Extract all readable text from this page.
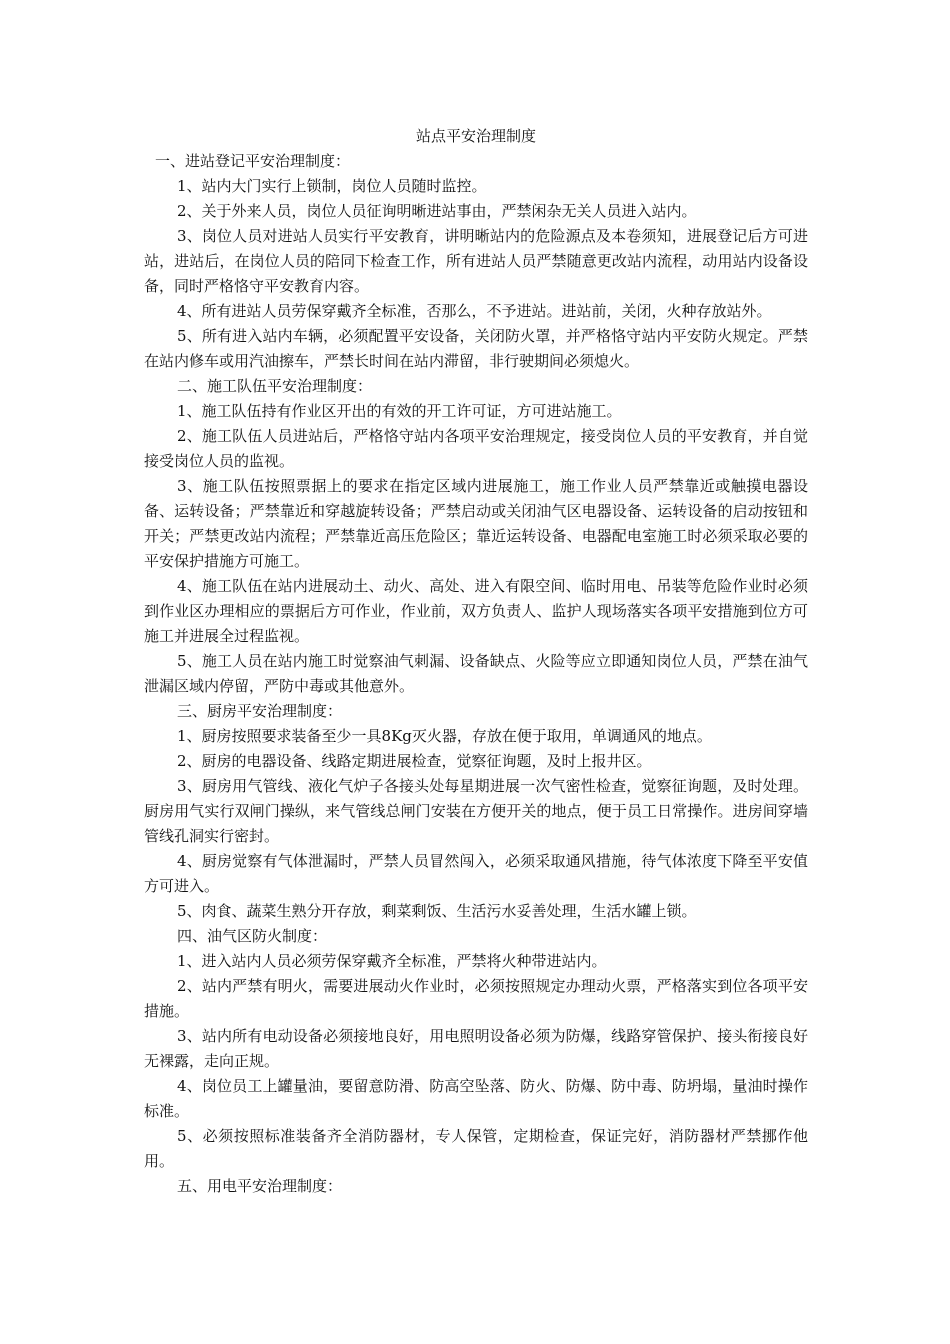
站点平安治理制度
一、进站登记平安治理制度：
1、站内大门实行上锁制，岗位人员随时监控。
2、关于外来人员，岗位人员征询明晰进站事由，严禁闲杂无关人员进入站内。
3、岗位人员对进站人员实行平安教育，讲明晰站内的危险源点及本卷须知，进展登记后方可进站，进站后，在岗位人员的陪同下检查工作，所有进站人员严禁随意更改站内流程，动用站内设备设备，同时严格恪守平安教育内容。
4、所有进站人员劳保穿戴齐全标准，否那么，不予进站。进站前，关闭，火种存放站外。
5、所有进入站内车辆，必须配置平安设备，关闭防火罩，并严格恪守站内平安防火规定。严禁在站内修车或用汽油擦车，严禁长时间在站内滞留，非行驶期间必须熄火。
二、施工队伍平安治理制度：
1、施工队伍持有作业区开出的有效的开工许可证，方可进站施工。
2、施工队伍人员进站后，严格恪守站内各项平安治理规定，接受岗位人员的平安教育，并自觉接受岗位人员的监视。
3、施工队伍按照票据上的要求在指定区域内进展施工，施工作业人员严禁靠近或触摸电器设备、运转设备；严禁靠近和穿越旋转设备；严禁启动或关闭油气区电器设备、运转设备的启动按钮和开关；严禁更改站内流程；严禁靠近高压危险区；靠近运转设备、电器配电室施工时必须采取必要的平安保护措施方可施工。
4、施工队伍在站内进展动土、动火、高处、进入有限空间、临时用电、吊装等危险作业时必须到作业区办理相应的票据后方可作业，作业前，双方负责人、监护人现场落实各项平安措施到位方可施工并进展全过程监视。
5、施工人员在站内施工时觉察油气刺漏、设备缺点、火险等应立即通知岗位人员，严禁在油气泄漏区域内停留，严防中毒或其他意外。
三、厨房平安治理制度：
1、厨房按照要求装备至少一具8Kg灭火器，存放在便于取用，单调通风的地点。
2、厨房的电器设备、线路定期进展检查，觉察征询题，及时上报井区。
3、厨房用气管线、液化气炉子各接头处每星期进展一次气密性检查，觉察征询题，及时处理。厨房用气实行双闸门操纵，来气管线总闸门安装在方便开关的地点，便于员工日常操作。进房间穿墙管线孔洞实行密封。
4、厨房觉察有气体泄漏时，严禁人员冒然闯入，必须采取通风措施，待气体浓度下降至平安值方可进入。
5、肉食、蔬菜生熟分开存放，剩菜剩饭、生活污水妥善处理，生活水罐上锁。
四、油气区防火制度：
1、进入站内人员必须劳保穿戴齐全标准，严禁将火种带进站内。
2、站内严禁有明火，需要进展动火作业时，必须按照规定办理动火票，严格落实到位各项平安措施。
3、站内所有电动设备必须接地良好，用电照明设备必须为防爆，线路穿管保护、接头衔接良好无裸露，走向正规。
4、岗位员工上罐量油，要留意防滑、防高空坠落、防火、防爆、防中毒、防坍塌，量油时操作标准。
5、必须按照标准装备齐全消防器材，专人保管，定期检查，保证完好，消防器材严禁挪作他用。
五、用电平安治理制度：
